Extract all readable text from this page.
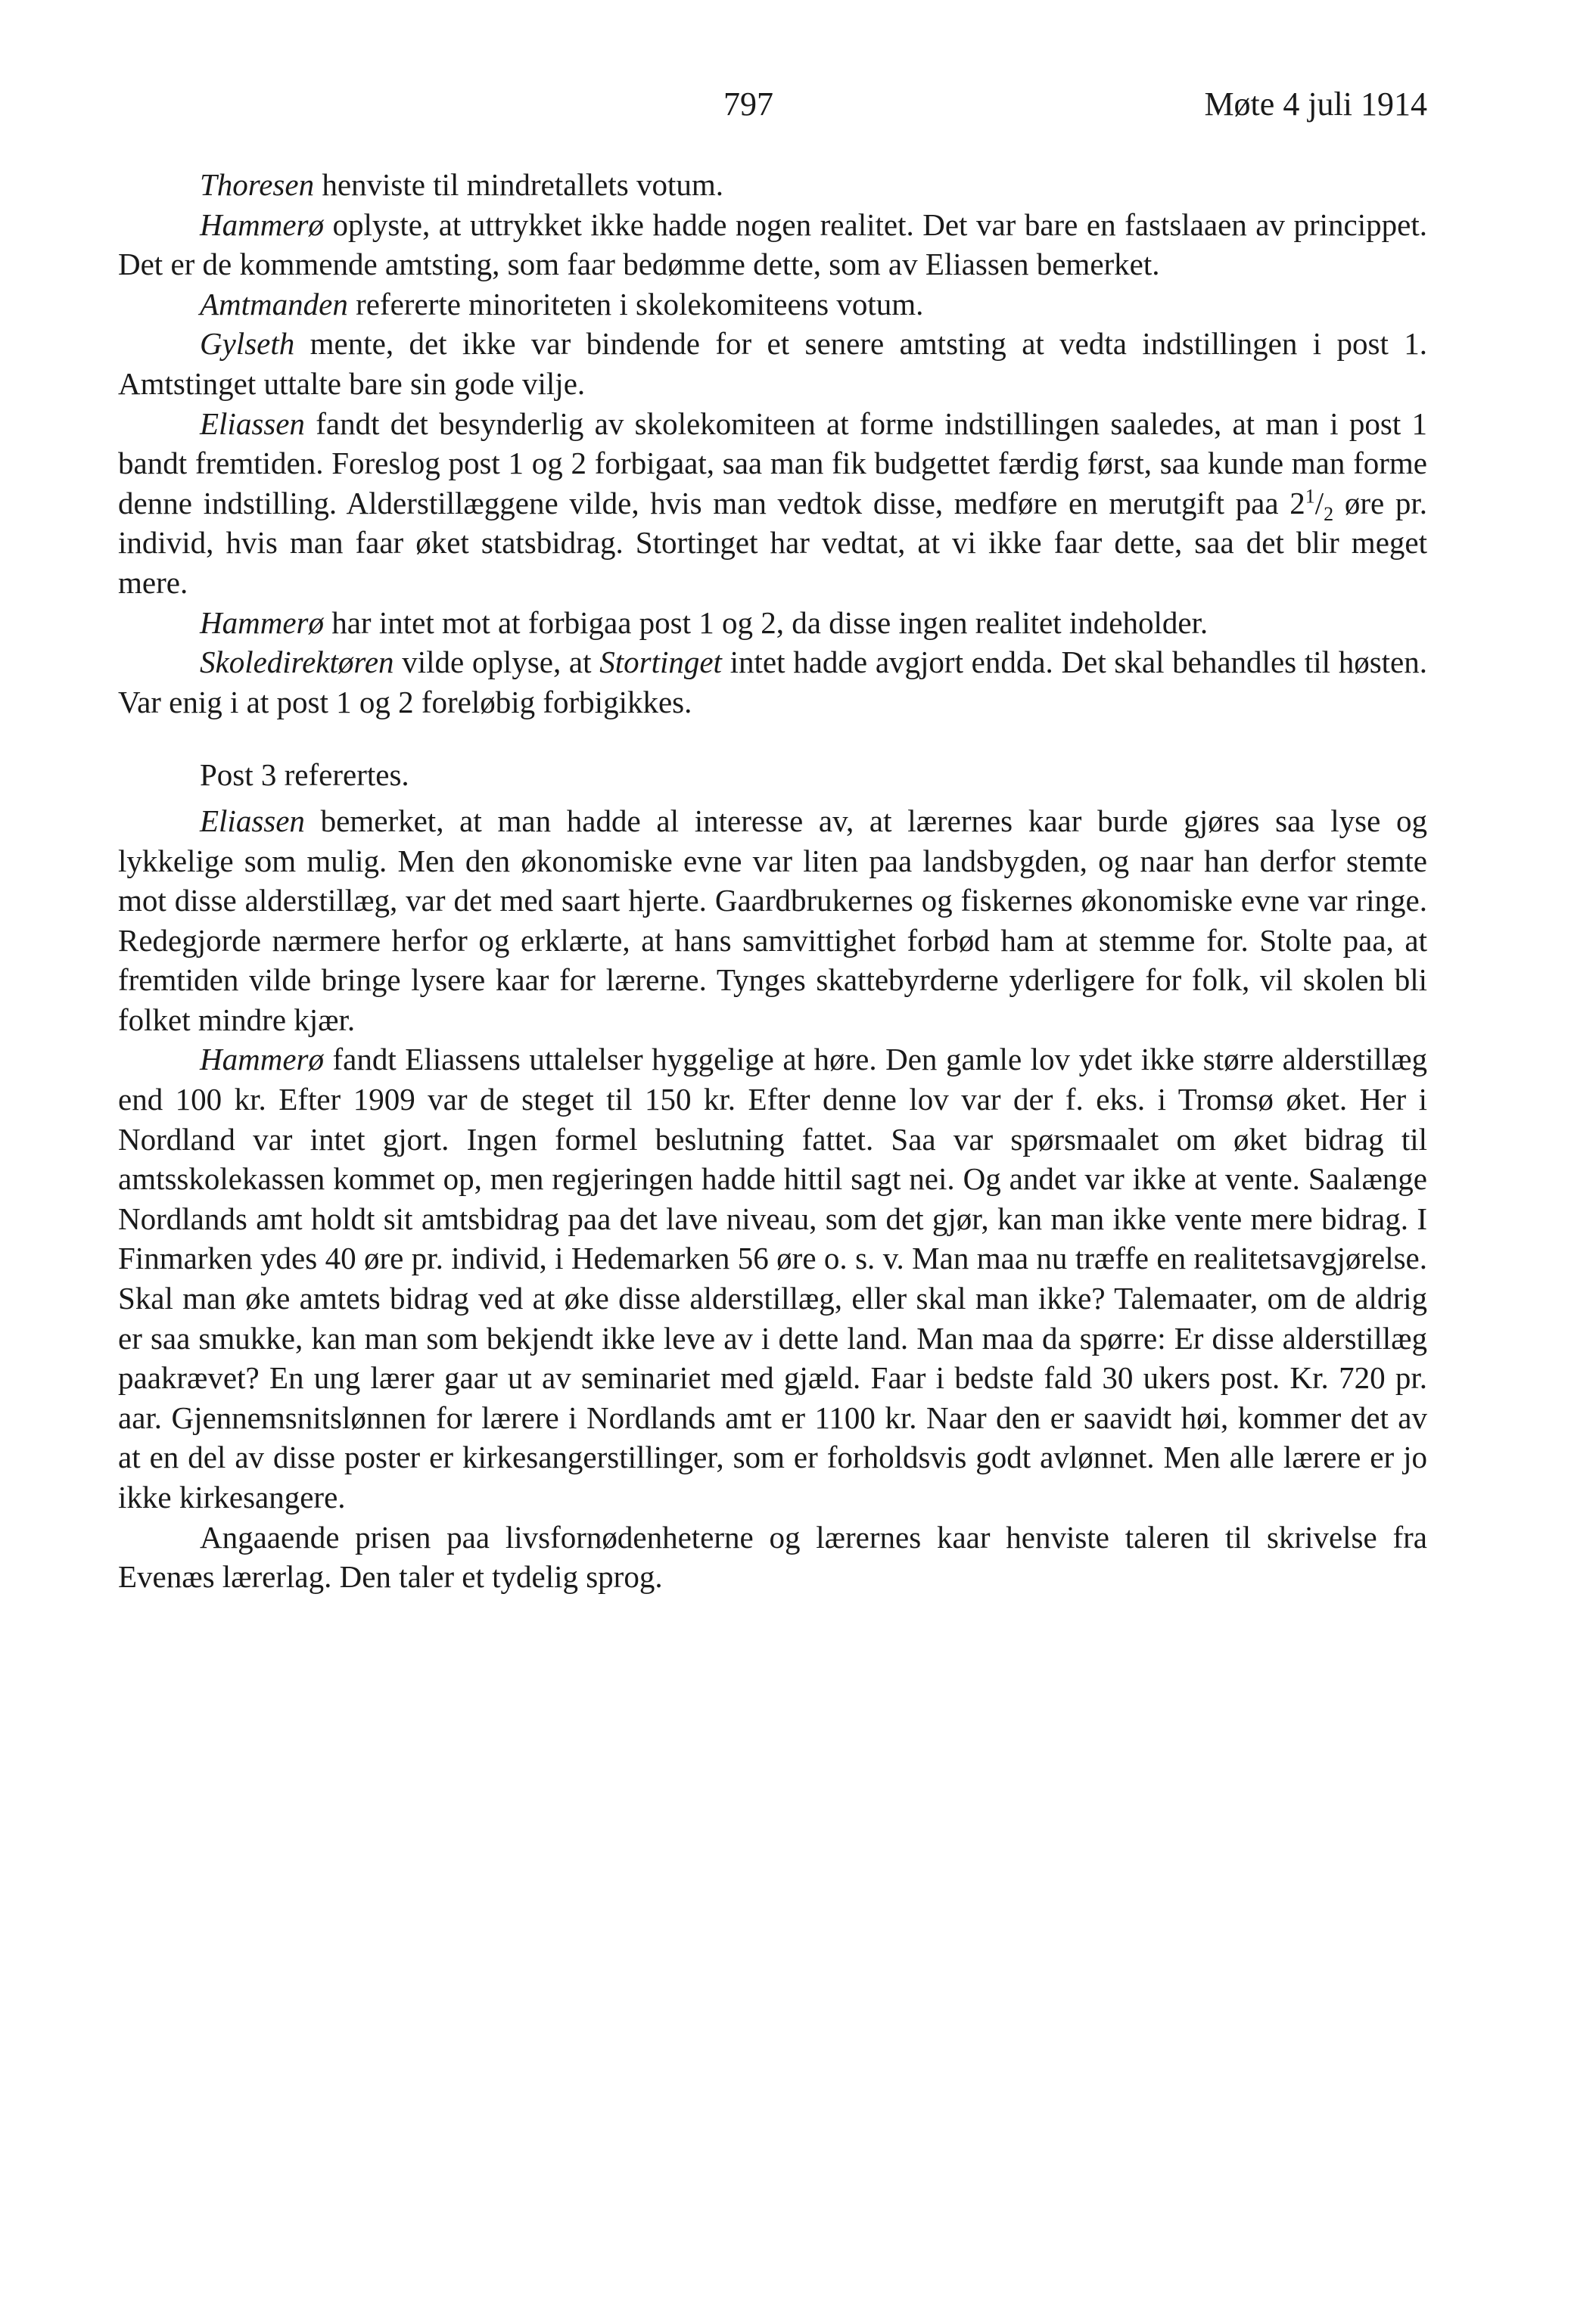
797	Møte 4 juli 1914

Thoresen henviste til mindretallets votum.

Hammerø oplyste, at uttrykket ikke hadde nogen realitet. Det var bare en fastslaaen av princippet. Det er de kommende amtsting, som faar bedømme dette, som av Eliassen bemerket.

Amtmanden refererte minoriteten i skolekomiteens votum.

Gylseth mente, det ikke var bindende for et senere amtsting at vedta indstillingen i post 1. Amtstinget uttalte bare sin gode vilje.

Eliassen fandt det besynderlig av skolekomiteen at forme indstillingen saaledes, at man i post 1 bandt fremtiden. Foreslog post 1 og 2 forbigaat, saa man fik budgettet færdig først, saa kunde man forme denne indstilling. Alderstillæggene vilde, hvis man vedtok disse, medføre en merutgift paa $2^1/_2$ øre pr. individ, hvis man faar øket statsbidrag. Stortinget har vedtat, at vi ikke faar dette, saa det blir meget mere.

Hammerø har intet mot at forbigaa post 1 og 2, da disse ingen realitet indeholder.

Skoledirektøren vilde oplyse, at Stortinget intet hadde avgjort endda. Det skal behandles til høsten. Var enig i at post 1 og 2 foreløbig forbigikkes.

Post 3 referertes.

Eliassen bemerket, at man hadde al interesse av, at lærernes kaar burde gjøres saa lyse og lykkelige som mulig. Men den økonomiske evne var liten paa landsbygden, og naar han derfor stemte mot disse alderstillæg, var det med saart hjerte. Gaardbrukernes og fiskernes økonomiske evne var ringe. Redegjorde nærmere herfor og erklærte, at hans samvittighet forbød ham at stemme for. Stolte paa, at fremtiden vilde bringe lysere kaar for lærerne. Tynges skattebyrderne yderligere for folk, vil skolen bli folket mindre kjær.

Hammerø fandt Eliassens uttalelser hyggelige at høre. Den gamle lov ydet ikke større alderstillæg end 100 kr. Efter 1909 var de steget til 150 kr. Efter denne lov var der f. eks. i Tromsø øket. Her i Nordland var intet gjort. Ingen formel beslutning fattet. Saa var spørsmaalet om øket bidrag til amtsskolekassen kommet op, men regjeringen hadde hittil sagt nei. Og andet var ikke at vente. Saalænge Nordlands amt holdt sit amtsbidrag paa det lave niveau, som det gjør, kan man ikke vente mere bidrag. I Finmarken ydes 40 øre pr. individ, i Hedemarken 56 øre o. s. v. Man maa nu træffe en realitetsavgjørelse. Skal man øke amtets bidrag ved at øke disse alderstillæg, eller skal man ikke? Talemaater, om de aldrig er saa smukke, kan man som bekjendt ikke leve av i dette land. Man maa da spørre: Er disse alderstillæg paakrævet? En ung lærer gaar ut av seminariet med gjæld. Faar i bedste fald 30 ukers post. Kr. 720 pr. aar. Gjennemsnitslønnen for lærere i Nordlands amt er 1100 kr. Naar den er saavidt høi, kommer det av at en del av disse poster er kirkesangerstillinger, som er forholdsvis godt avlønnet. Men alle lærere er jo ikke kirkesangere.

Angaaende prisen paa livsfornødenheterne og lærernes kaar henviste taleren til skrivelse fra Evenæs lærerlag. Den taler et tydelig sprog.
